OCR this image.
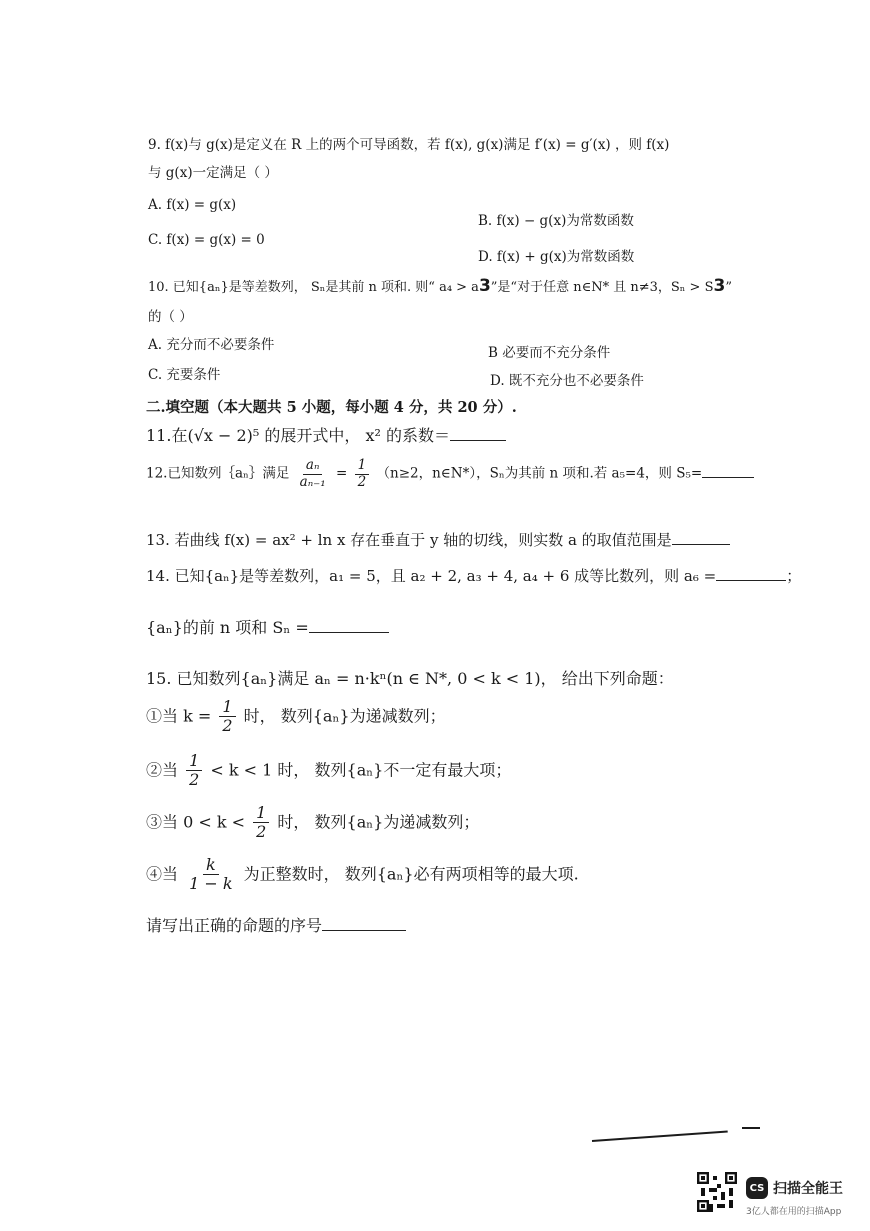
9. f(x)与 g(x)是定义在 R 上的两个可导函数，若 f(x), g(x)满足 f′(x) = g′(x) ，则 f(x)
与 g(x)一定满足（ ）
A. f(x) = g(x)
B. f(x) − g(x)为常数函数
C. f(x) = g(x) = 0
D. f(x) + g(x)为常数函数
10. 已知{aₙ}是等差数列， Sₙ是其前 n 项和. 则“ a₄ > a3”是“对于任意 n∈N* 且 n≠3，Sₙ > S3”
的（ ）
A. 充分而不必要条件	B 必要而不充分条件
C. 充要条件	D. 既不充分也不必要条件
二.填空题（本大题共 5 小题，每小题 4 分，共 20 分）.
11.在(√x − 2)⁵ 的展开式中， x² 的系数＝
12.已知数列｛aₙ｝满足 $\frac{\text{aₙ}}{\text{aₙ₋₁}} = \frac{1}{2} (n\ge 2$，n∈N*），Sₙ为其前 n 项和.若 a₅=4，则 S₅=
13. 若曲线 f(x) = ax² + ln x 存在垂直于 y 轴的切线，则实数 a 的取值范围是
14. 已知{aₙ}是等差数列，a₁ = 5，且 a₂ + 2, a₃ + 4, a₄ + 6 成等比数列，则 a₆ =	；
{aₙ}的前 n 项和 Sₙ =
15. 已知数列{aₙ}满足 aₙ = n·kⁿ(n ∈ N*, 0 < k < 1)， 给出下列命题：
①当 $k = \frac{1}{2}$ 时， 数列{aₙ}为递减数列；
②当 $\frac{1}{2} < k < 1$ 时， 数列{aₙ}不一定有最大项；
③当 $0 < k < \frac{1}{2}$ 时， 数列{aₙ}为递减数列；
④当 $\frac{k}{1 - k}$ 为正整数时， 数列{aₙ}必有两项相等的最大项.
请写出正确的命题的序号
CS 扫描全能王
3亿人都在用的扫描App
